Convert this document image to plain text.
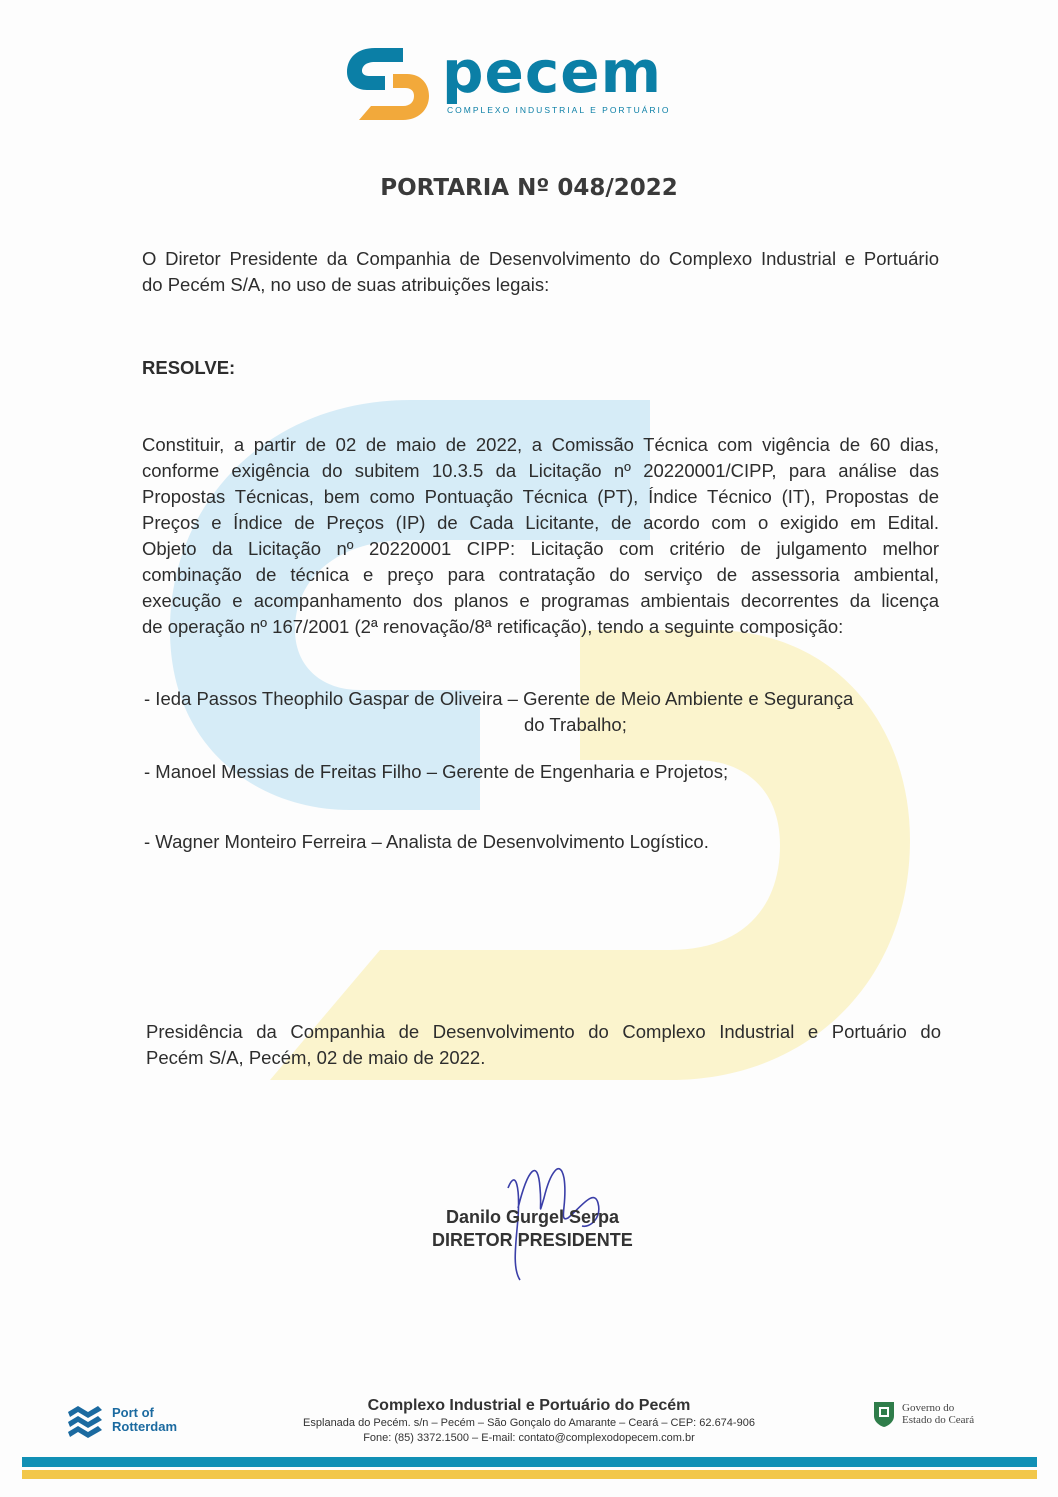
pecem
COMPLEXO INDUSTRIAL E PORTUÁRIO
PORTARIA Nº 048/2022
O Diretor Presidente da Companhia de Desenvolvimento do Complexo Industrial e Portuário
do Pecém S/A, no uso de suas atribuições legais:
RESOLVE:
Constituir, a partir de 02 de maio de 2022, a Comissão Técnica com vigência de 60 dias,
conforme exigência do subitem 10.3.5 da Licitação nº 20220001/CIPP, para análise das
Propostas Técnicas, bem como Pontuação Técnica (PT), Índice Técnico (IT), Propostas de
Preços e Índice de Preços (IP) de Cada Licitante, de acordo com o exigido em Edital.
Objeto da Licitação nº 20220001 CIPP: Licitação com critério de julgamento melhor
combinação de técnica e preço para contratação do serviço de assessoria ambiental,
execução e acompanhamento dos planos e programas ambientais decorrentes da licença
de operação nº 167/2001 (2ª renovação/8ª retificação), tendo a seguinte composição:
- Ieda Passos Theophilo Gaspar de Oliveira – Gerente de Meio Ambiente e Segurança
do Trabalho;
- Manoel Messias de Freitas Filho – Gerente de Engenharia e Projetos;
- Wagner Monteiro Ferreira – Analista de Desenvolvimento Logístico.
Presidência da Companhia de Desenvolvimento do Complexo Industrial e Portuário do
Pecém S/A, Pecém, 02 de maio de 2022.
Danilo Gurgel Serpa
DIRETOR PRESIDENTE
Port of
Rotterdam
Complexo Industrial e Portuário do Pecém
Esplanada do Pecém. s/n – Pecém – São Gonçalo do Amarante – Ceará – CEP: 62.674-906
Fone: (85) 3372.1500 – E-mail: contato@complexodopecem.com.br
Governo do
Estado do Ceará
